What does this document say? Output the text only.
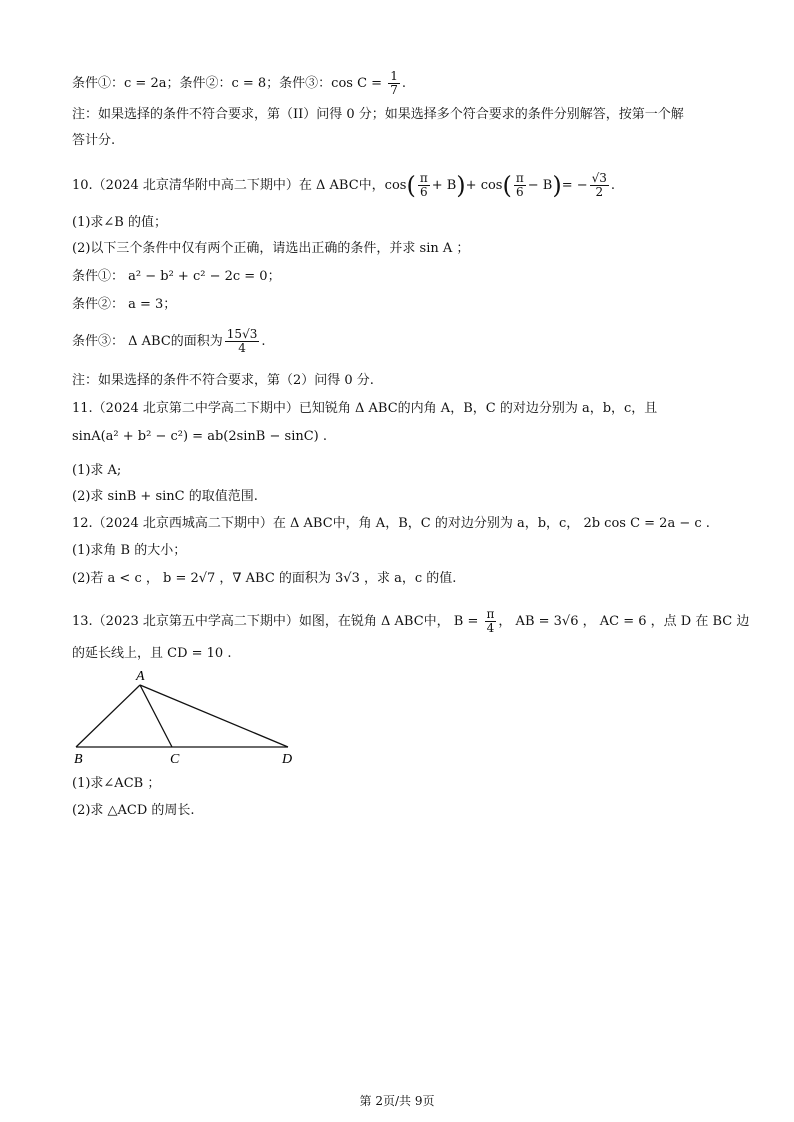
条件①：c = 2a；条件②：c = 8；条件③：$\cos C = \frac{1}{7}$ .
注：如果选择的条件不符合要求，第（II）问得 0 分；如果选择多个符合要求的条件分别解答，按第一个解
答计分.
10.（2024 北京清华附中高二下期中）在 Δ ABC中，$\cos( \frac{\pi}{6} + B)+ \cos( \frac{\pi}{6} - B)= - \frac{√3}{2}$ .
(1)求∠B 的值；
(2)以下三个条件中仅有两个正确，请选出正确的条件，并求 sin A ；
条件①： a² − b² + c² − 2c = 0；
条件②： a = 3；
条件③： Δ ABC的面积为 $\frac{15√3}{4}$ .
注：如果选择的条件不符合要求，第（2）问得 0 分.
11.（2024 北京第二中学高二下期中）已知锐角 Δ ABC的内角 A，B，C 的对边分别为 a，b，c，且
sinA(a² + b² − c²) = ab(2sinB − sinC) .
(1)求 A;
(2)求 sinB + sinC 的取值范围.
12.（2024 北京西城高二下期中）在 Δ ABC中，角 A，B，C 的对边分别为 a，b，c， 2b cos C = 2a − c .
(1)求角 B 的大小；
(2)若 a < c ， b = 2√7 ，∇ ABC 的面积为 3√3 ，求 a，c 的值.
13.（2023 北京第五中学高二下期中）如图，在锐角 Δ ABC中， $B = \frac{\pi}{4}$ ， AB = 3√6 ， AC = 6 ，点 D 在 BC 边
的延长线上，且 CD = 10 .
A
B	C	D
(1)求∠ACB ；
(2)求 △ACD 的周长.
第 2页/共 9页
